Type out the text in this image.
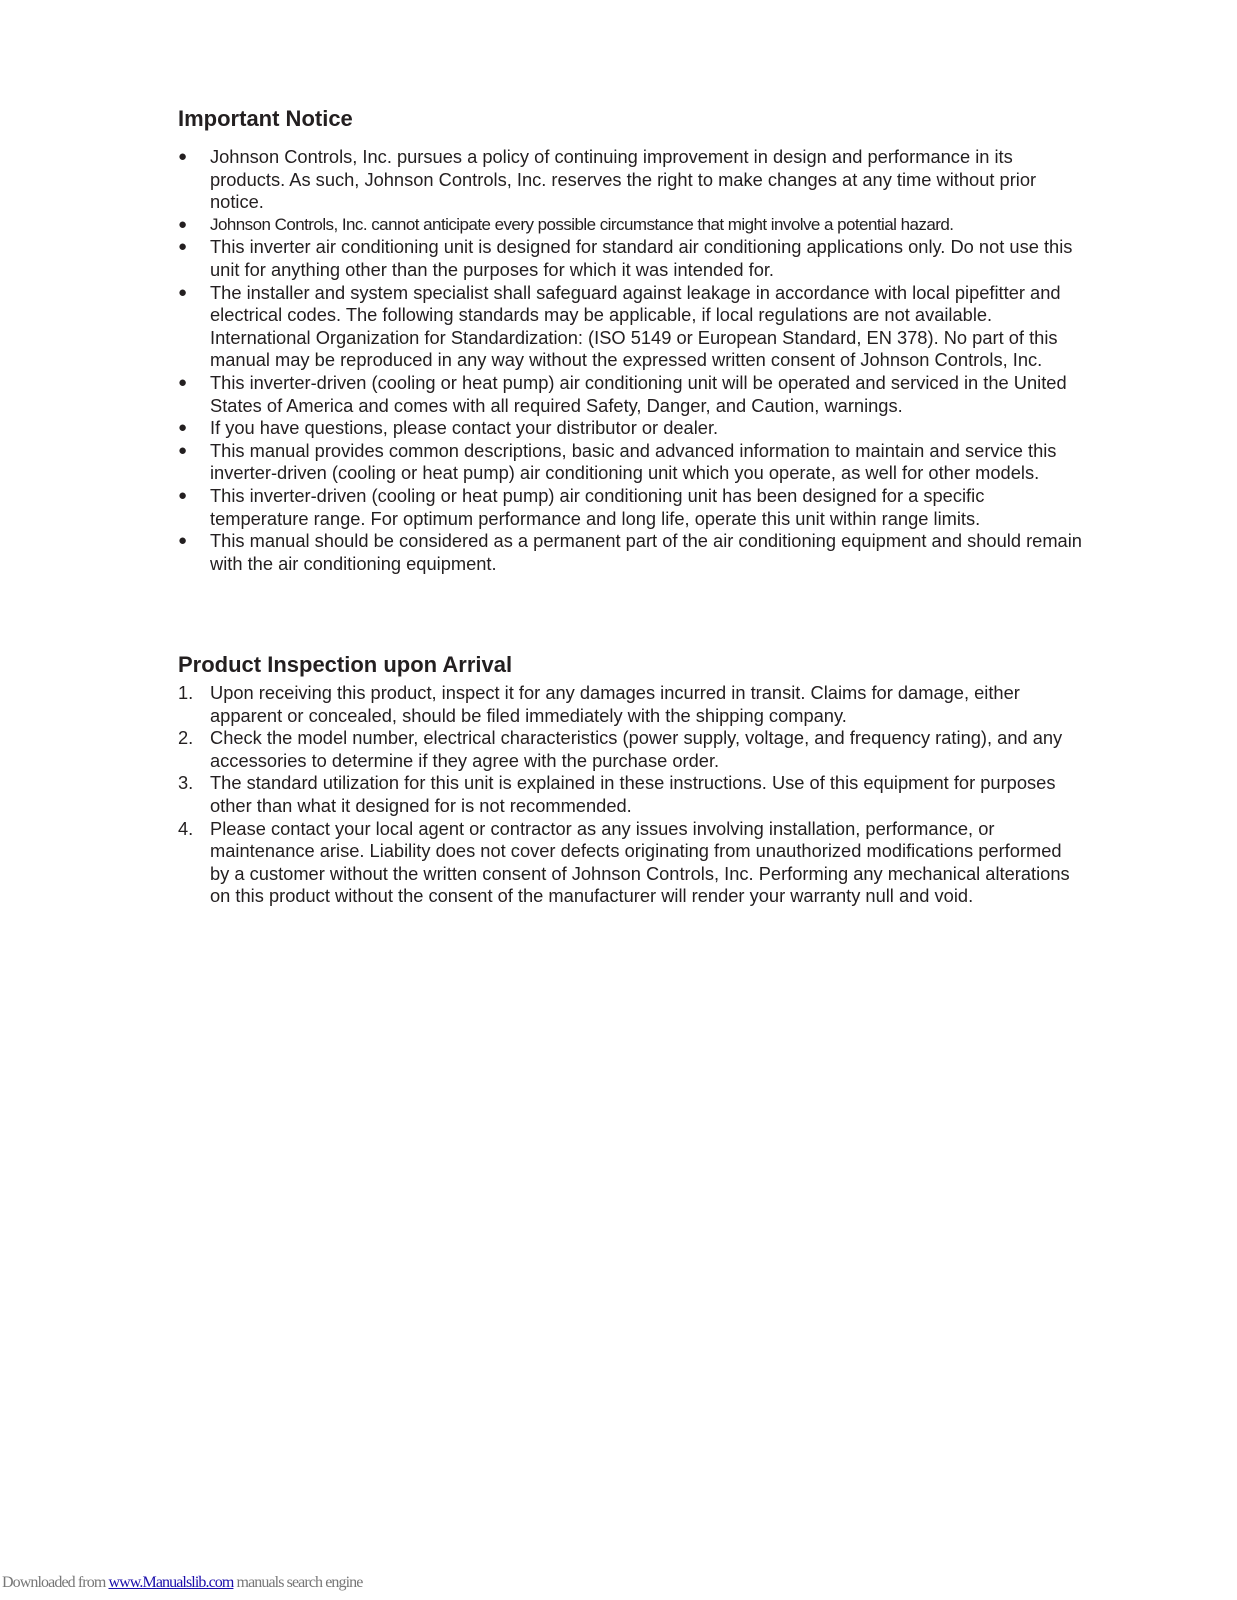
Important Notice
●	Johnson Controls, Inc. pursues a policy of continuing improvement in design and performance in its products. As such, Johnson Controls, Inc. reserves the right to make changes at any time without prior notice.
●	Johnson Controls, Inc. cannot anticipate every possible circumstance that might involve a potential hazard.
●	This inverter air conditioning unit is designed for standard air conditioning applications only. Do not use this unit for anything other than the purposes for which it was intended for.
●	The installer and system specialist shall safeguard against leakage in accordance with local pipefitter and electrical codes. The following standards may be applicable, if local regulations are not available. International Organization for Standardization: (ISO 5149 or European Standard, EN 378). No part of this manual may be reproduced in any way without the expressed written consent of Johnson Controls, Inc.
●	This inverter-driven (cooling or heat pump) air conditioning unit will be operated and serviced in the United States of America and comes with all required Safety, Danger, and Caution, warnings.
●	If you have questions, please contact your distributor or dealer.
●	This manual provides common descriptions, basic and advanced information to maintain and service this inverter-driven (cooling or heat pump) air conditioning unit which you operate, as well for other models.
●	This inverter-driven (cooling or heat pump) air conditioning unit has been designed for a specific temperature range. For optimum performance and long life, operate this unit within range limits.
●	This manual should be considered as a permanent part of the air conditioning equipment and should remain with the air conditioning equipment.
Product Inspection upon Arrival
1. Upon receiving this product, inspect it for any damages incurred in transit. Claims for damage, either apparent or concealed, should be filed immediately with the shipping company.
2. Check the model number, electrical characteristics (power supply, voltage, and frequency rating), and any accessories to determine if they agree with the purchase order.
3. The standard utilization for this unit is explained in these instructions. Use of this equipment for purposes other than what it designed for is not recommended.
4. Please contact your local agent or contractor as any issues involving installation, performance, or maintenance arise. Liability does not cover defects originating from unauthorized modifications performed by a customer without the written consent of Johnson Controls, Inc. Performing any mechanical alterations on this product without the consent of the manufacturer will render your warranty null and void.
Downloaded from www.Manualslib.com manuals search engine
